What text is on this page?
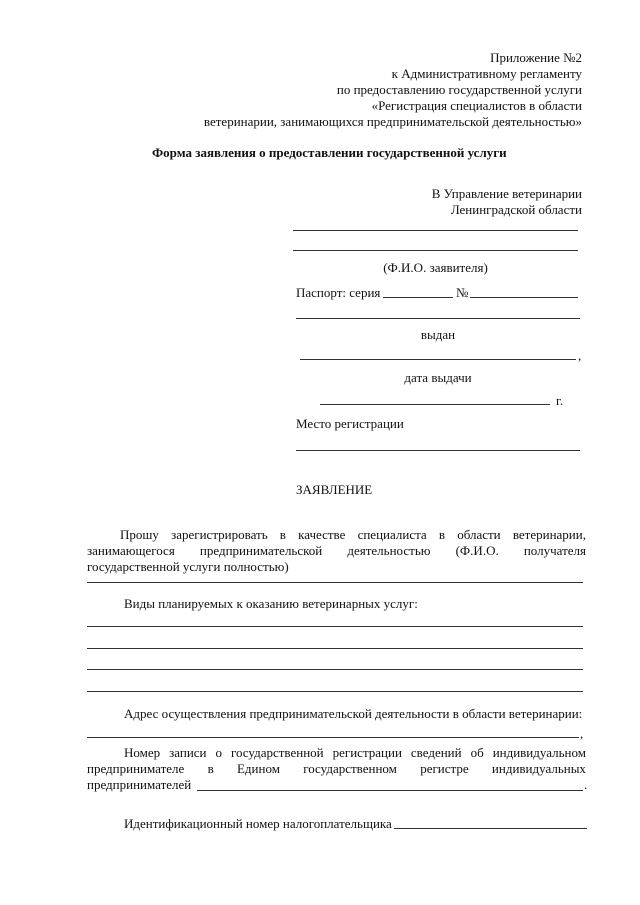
Приложение №2
к Административному регламенту
по предоставлению государственной услуги
«Регистрация специалистов в области
ветеринарии, занимающихся предпринимательской деятельностью»
Форма заявления о предоставлении государственной услуги
В Управление ветеринарии
Ленинградской области
(Ф.И.О. заявителя)
Паспорт: серия	№
выдан
,
дата выдачи
г.
Место регистрации
ЗАЯВЛЕНИЕ
Прошу зарегистрировать в качестве специалиста в области ветеринарии,
занимающегося предпринимательской деятельностью (Ф.И.О. получателя
государственной услуги полностью)
Виды планируемых к оказанию ветеринарных услуг:
Адрес осуществления предпринимательской деятельности в области ветеринарии:
,
Номер записи о государственной регистрации сведений об индивидуальном
предпринимателе в Едином государственном регистре индивидуальных
предпринимателей	.
Идентификационный номер налогоплательщика
